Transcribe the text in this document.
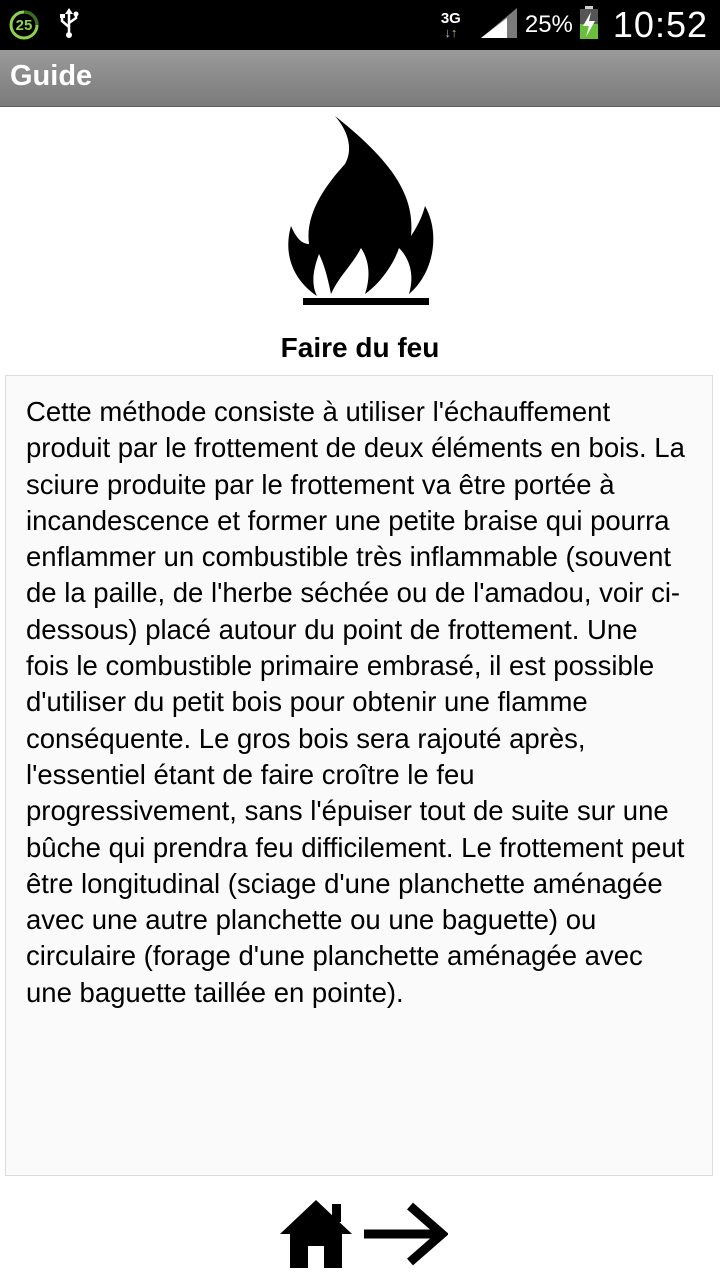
25	3G
↓↑	25% 10:52
Guide
Faire du feu

Cette méthode consiste à utiliser l'échauffement produit par le frottement de deux éléments en bois. La sciure produite par le frottement va être portée à incandescence et former une petite braise qui pourra enflammer un combustible très inflammable (souvent de la paille, de l'herbe séchée ou de l'amadou, voir ci-dessous) placé autour du point de frottement. Une fois le combustible primaire embrasé, il est possible d'utiliser du petit bois pour obtenir une flamme conséquente. Le gros bois sera rajouté après, l'essentiel étant de faire croître le feu progressivement, sans l'épuiser tout de suite sur une bûche qui prendra feu difficilement. Le frottement peut être longitudinal (sciage d'une planchette aménagée avec une autre planchette ou une baguette) ou circulaire (forage d'une planchette aménagée avec une baguette taillée en pointe).
